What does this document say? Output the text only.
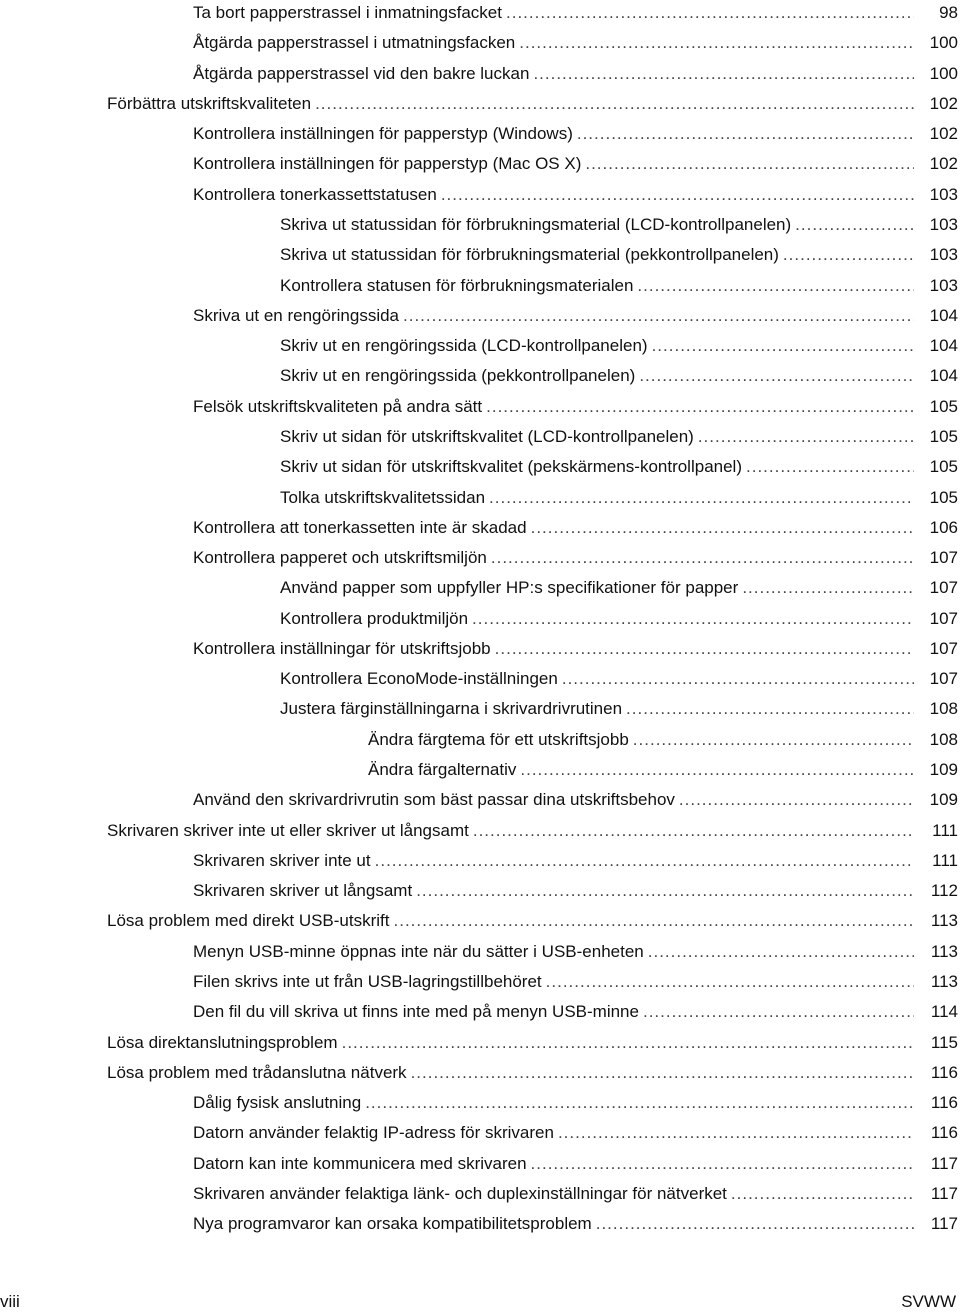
Ta bort papperstrassel i inmatningsfacket .....	98
Åtgärda papperstrassel i utmatningsfacken .....	100
Åtgärda papperstrassel vid den bakre luckan .....	100
Förbättra utskriftskvaliteten .....	102
Kontrollera inställningen för papperstyp (Windows) .....	102
Kontrollera inställningen för papperstyp (Mac OS X) .....	102
Kontrollera tonerkassettstatusen .....	103
Skriva ut statussidan för förbrukningsmaterial (LCD-kontrollpanelen) .....	103
Skriva ut statussidan för förbrukningsmaterial (pekkontrollpanelen) .....	103
Kontrollera statusen för förbrukningsmaterialen .....	103
Skriva ut en rengöringssida .....	104
Skriv ut en rengöringssida (LCD-kontrollpanelen) .....	104
Skriv ut en rengöringssida (pekkontrollpanelen) .....	104
Felsök utskriftskvaliteten på andra sätt .....	105
Skriv ut sidan för utskriftskvalitet (LCD-kontrollpanelen) .....	105
Skriv ut sidan för utskriftskvalitet (pekskärmens-kontrollpanel) .....	105
Tolka utskriftskvalitetssidan .....	105
Kontrollera att tonerkassetten inte är skadad .....	106
Kontrollera papperet och utskriftsmiljön .....	107
Använd papper som uppfyller HP:s specifikationer för papper .....	107
Kontrollera produktmiljön .....	107
Kontrollera inställningar för utskriftsjobb .....	107
Kontrollera EconoMode-inställningen .....	107
Justera färginställningarna i skrivardrivrutinen .....	108
Ändra färgtema för ett utskriftsjobb .....	108
Ändra färgalternativ .....	109
Använd den skrivardrivrutin som bäst passar dina utskriftsbehov .....	109
Skrivaren skriver inte ut eller skriver ut långsamt .....	111
Skrivaren skriver inte ut .....	111
Skrivaren skriver ut långsamt .....	112
Lösa problem med direkt USB-utskrift .....	113
Menyn USB-minne öppnas inte när du sätter i USB-enheten .....	113
Filen skrivs inte ut från USB-lagringstillbehöret .....	113
Den fil du vill skriva ut finns inte med på menyn USB-minne .....	114
Lösa direktanslutningsproblem .....	115
Lösa problem med trådanslutna nätverk .....	116
Dålig fysisk anslutning .....	116
Datorn använder felaktig IP-adress för skrivaren .....	116
Datorn kan inte kommunicera med skrivaren .....	117
Skrivaren använder felaktiga länk- och duplexinställningar för nätverket .....	117
Nya programvaror kan orsaka kompatibilitetsproblem .....	117
viii	SVWW
